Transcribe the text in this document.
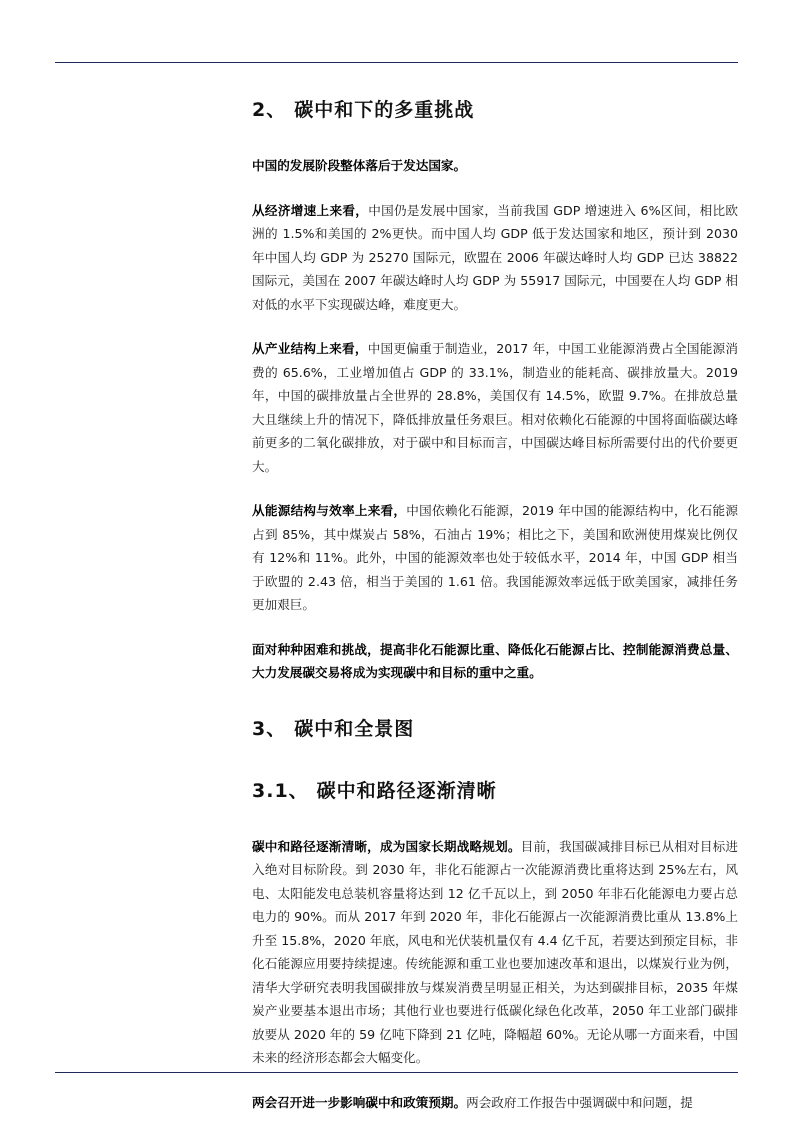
2、 碳中和下的多重挑战

中国的发展阶段整体落后于发达国家。

从经济增速上来看，中国仍是发展中国家，当前我国 GDP 增速进入 6%区间，相比欧洲的 1.5%和美国的 2%更快。而中国人均 GDP 低于发达国家和地区，预计到 2030 年中国人均 GDP 为 25270 国际元，欧盟在 2006 年碳达峰时人均 GDP 已达 38822 国际元，美国在 2007 年碳达峰时人均 GDP 为 55917 国际元，中国要在人均 GDP 相对低的水平下实现碳达峰，难度更大。

从产业结构上来看，中国更偏重于制造业，2017 年，中国工业能源消费占全国能源消费的 65.6%，工业增加值占 GDP 的 33.1%，制造业的能耗高、碳排放量大。2019 年，中国的碳排放量占全世界的 28.8%，美国仅有 14.5%，欧盟 9.7%。在排放总量大且继续上升的情况下，降低排放量任务艰巨。相对依赖化石能源的中国将面临碳达峰前更多的二氧化碳排放，对于碳中和目标而言，中国碳达峰目标所需要付出的代价要更大。

从能源结构与效率上来看，中国依赖化石能源，2019 年中国的能源结构中，化石能源占到 85%，其中煤炭占 58%，石油占 19%；相比之下，美国和欧洲使用煤炭比例仅有 12%和 11%。此外，中国的能源效率也处于较低水平，2014 年，中国 GDP 相当于欧盟的 2.43 倍，相当于美国的 1.61 倍。我国能源效率远低于欧美国家，减排任务更加艰巨。

面对种种困难和挑战，提高非化石能源比重、降低化石能源占比、控制能源消费总量、大力发展碳交易将成为实现碳中和目标的重中之重。

3、 碳中和全景图
3.1、 碳中和路径逐渐清晰

碳中和路径逐渐清晰，成为国家长期战略规划。目前，我国碳减排目标已从相对目标进入绝对目标阶段。到 2030 年，非化石能源占一次能源消费比重将达到 25%左右，风电、太阳能发电总装机容量将达到 12 亿千瓦以上，到 2050 年非石化能源电力要占总电力的 90%。而从 2017 年到 2020 年，非化石能源占一次能源消费比重从 13.8%上升至 15.8%，2020 年底，风电和光伏装机量仅有 4.4 亿千瓦，若要达到预定目标，非化石能源应用要持续提速。传统能源和重工业也要加速改革和退出，以煤炭行业为例，清华大学研究表明我国碳排放与煤炭消费呈明显正相关，为达到碳排目标，2035 年煤炭产业要基本退出市场；其他行业也要进行低碳化绿色化改革，2050 年工业部门碳排放要从 2020 年的 59 亿吨下降到 21 亿吨，降幅超 60%。无论从哪一方面来看，中国未来的经济形态都会大幅变化。

两会召开进一步影响碳中和政策预期。两会政府工作报告中强调碳中和问题，提
